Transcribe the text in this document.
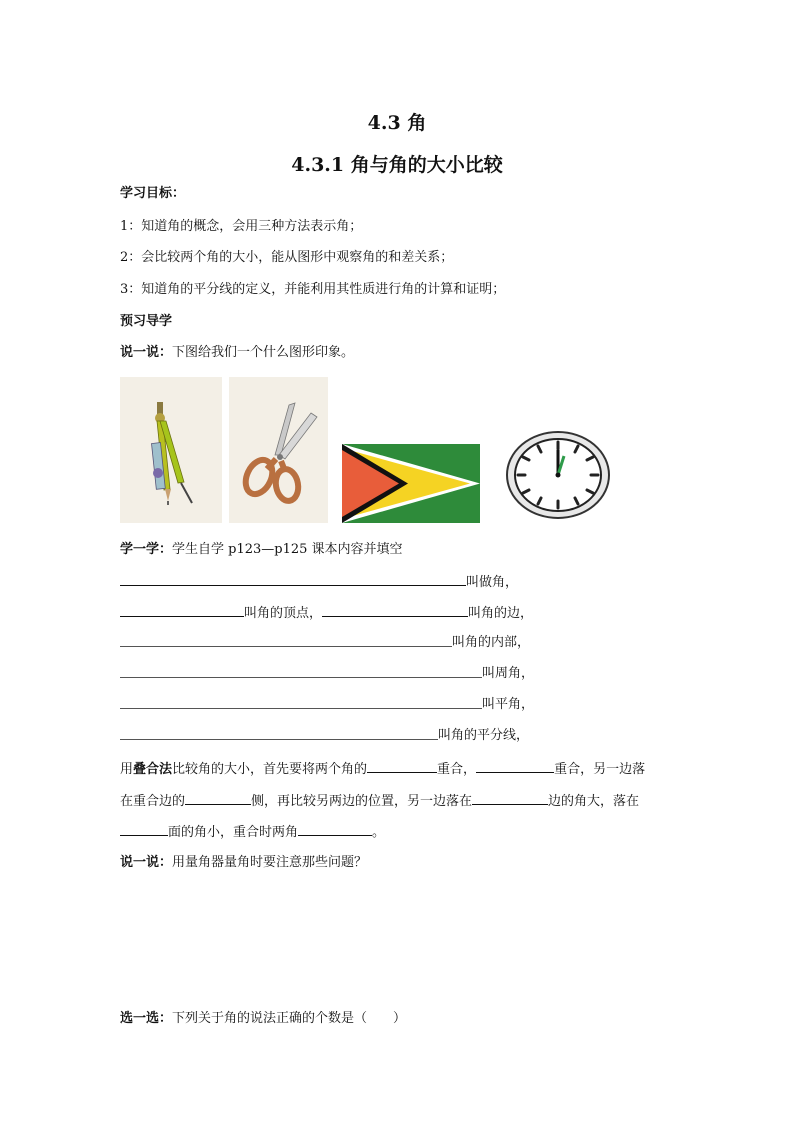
4.3 角
4.3.1 角与角的大小比较
学习目标：
1：知道角的概念，会用三种方法表示角；
2：会比较两个角的大小，能从图形中观察角的和差关系；
3：知道角的平分线的定义，并能利用其性质进行角的计算和证明；
预习导学
说一说：下图给我们一个什么图形印象。
学一学：学生自学 p123—p125 课本内容并填空
叫做角，
叫角的顶点，	叫角的边，
叫角的内部，
叫周角，
叫平角，
叫角的平分线，
用叠合法比较角的大小，首先要将两个角的	重合，	重合，另一边落
在重合边的	侧，再比较另两边的位置，另一边落在	边的角大，落在
面的角小，重合时两角	。
说一说：用量角器量角时要注意那些问题？
选一选：下列关于角的说法正确的个数是（　　）
